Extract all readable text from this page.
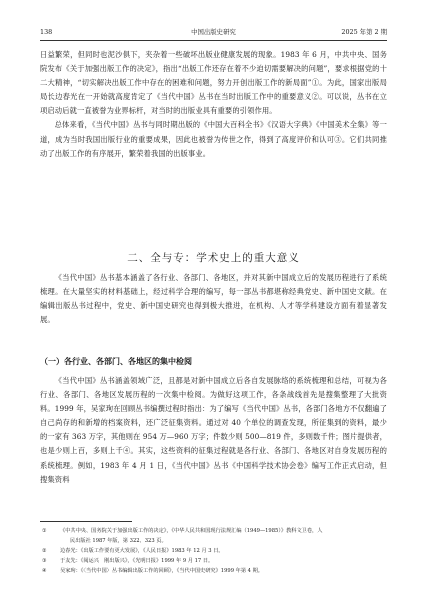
138	中国出版史研究	2025 年第 2 期

日益繁荣，但同时也泥沙俱下，夹杂着一些破坏出版业健康发展的现象。1983 年 6 月，中共中央、国务院发布《关于加强出版工作的决定》，指出“出版工作还存在着不少迫切需要解决的问题”，要求根据党的十二大精神，“切实解决出版工作中存在的困难和问题，努力开创出版工作的新局面”①。为此，国家出版局局长边春光在一开始就高度肯定了《当代中国》丛书在当时出版工作中的重要意义②。可以说，丛书在立项启动后就一直被誉为业界标杆，对当时的出版业具有重要的引领作用。

总体来看，《当代中国》丛书与同时期出版的《中国大百科全书》《汉语大字典》《中国美术全集》等一道，成为当时我国出版行业的重要成果，因此也被誉为传世之作，得到了高度评价和认可③。它们共同推动了出版工作的有序展开，繁荣着我国的出版事业。

二、全与专：学术史上的重大意义

《当代中国》丛书基本涵盖了各行业、各部门、各地区，并对其新中国成立后的发展历程进行了系统梳理。在大量坚实的材料基础上，经过科学合理的编写，每一部丛书都堪称经典党史、新中国史文献。在编辑出版丛书过程中，党史、新中国史研究也得到极大推进，在机构、人才等学科建设方面有着显著发展。

（一）各行业、各部门、各地区的集中检阅

《当代中国》丛书涵盖领域广泛，且都是对新中国成立后各自发展脉络的系统梳理和总结，可视为各行业、各部门、各地区发展历程的一次集中检阅。为做好这项工作，各条战线首先是搜集整理了大批资料。1999 年，吴家珣在回顾丛书编撰过程时指出：为了编写《当代中国》丛书，各部门各地方不仅翻遍了自己尚存的和新增的档案资料，还广泛征集资料。通过对 40 个单位的调查发现，所征集到的资料，最少的一家有 363 万字，其他则在 954 万—960 万字；件数少则 500—819 件，多则数千件；图片提供者，也是少则上百，多则上千④。其实，这些资料的征集过程就是各行业、各部门、各地区对自身发展历程的系统梳理。例如，1983 年 4 月 1 日，《当代中国》丛书《中国科学技术协会卷》编写工作正式启动，但搜集资料

①	《中共中央、国务院关于加强出版工作的决定》，《中华人民共和国现行法规汇编（1949—1985）》教科文卫卷，人
民出版社 1987 年版，第 322、323 页。
②	边春光：《出版工作要有更大发展》，《人民日报》1983 年 12 月 3 日。
③	于友先：《阅运兴　刚出版兴》，《光明日报》1999 年 9 月 17 日。
④	吴家珣：《〈当代中国〉丛书编辑出版工作的回顾》，《当代中国史研究》1999 年第 4 期。
